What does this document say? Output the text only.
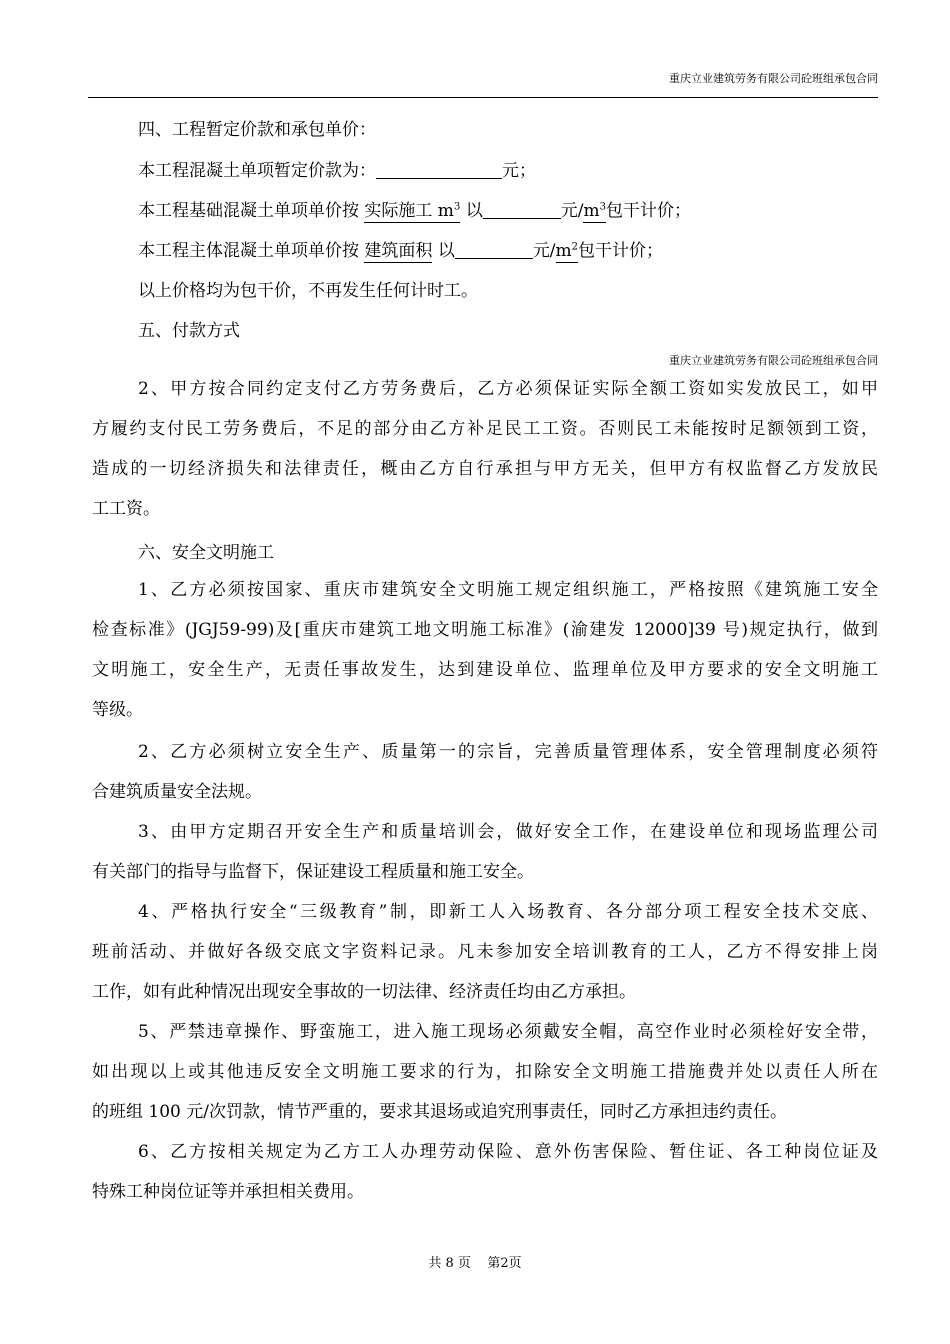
重庆立业建筑劳务有限公司砼班组承包合同
四、工程暂定价款和承包单价：
本工程混凝土单项暂定价款为：	元；
本工程基础混凝土单项单价按 实际施工 $m^3$ 以	元$/m^3$包干计价；
本工程主体混凝土单项单价按 建筑面积 以	元$/m^2$包干计价；
以上价格均为包干价，不再发生任何计时工。
五、付款方式
重庆立业建筑劳务有限公司砼班组承包合同
2、甲方按合同约定支付乙方劳务费后，乙方必须保证实际全额工资如实发放民工，如甲
方履约支付民工劳务费后，不足的部分由乙方补足民工工资。否则民工未能按时足额领到工资，
造成的一切经济损失和法律责任，概由乙方自行承担与甲方无关，但甲方有权监督乙方发放民
工工资。
六、安全文明施工
1、乙方必须按国家、重庆市建筑安全文明施工规定组织施工，严格按照《建筑施工安全
检查标准》(JGJ59-99)及[重庆市建筑工地文明施工标准》(渝建发 12000]39 号)规定执行，做到
文明施工，安全生产，无责任事故发生，达到建设单位、监理单位及甲方要求的安全文明施工
等级。
2、乙方必须树立安全生产、质量第一的宗旨，完善质量管理体系，安全管理制度必须符
合建筑质量安全法规。
3、由甲方定期召开安全生产和质量培训会，做好安全工作，在建设单位和现场监理公司
有关部门的指导与监督下，保证建设工程质量和施工安全。
4、严格执行安全“三级教育”制，即新工人入场教育、各分部分项工程安全技术交底、
班前活动、并做好各级交底文字资料记录。凡未参加安全培训教育的工人，乙方不得安排上岗
工作，如有此种情况出现安全事故的一切法律、经济责任均由乙方承担。
5、严禁违章操作、野蛮施工，进入施工现场必须戴安全帽，高空作业时必须栓好安全带，
如出现以上或其他违反安全文明施工要求的行为，扣除安全文明施工措施费并处以责任人所在
的班组 100 元/次罚款，情节严重的，要求其退场或追究刑事责任，同时乙方承担违约责任。
6、乙方按相关规定为乙方工人办理劳动保险、意外伤害保险、暂住证、各工种岗位证及
特殊工种岗位证等并承担相关费用。
共 8 页 第2页
